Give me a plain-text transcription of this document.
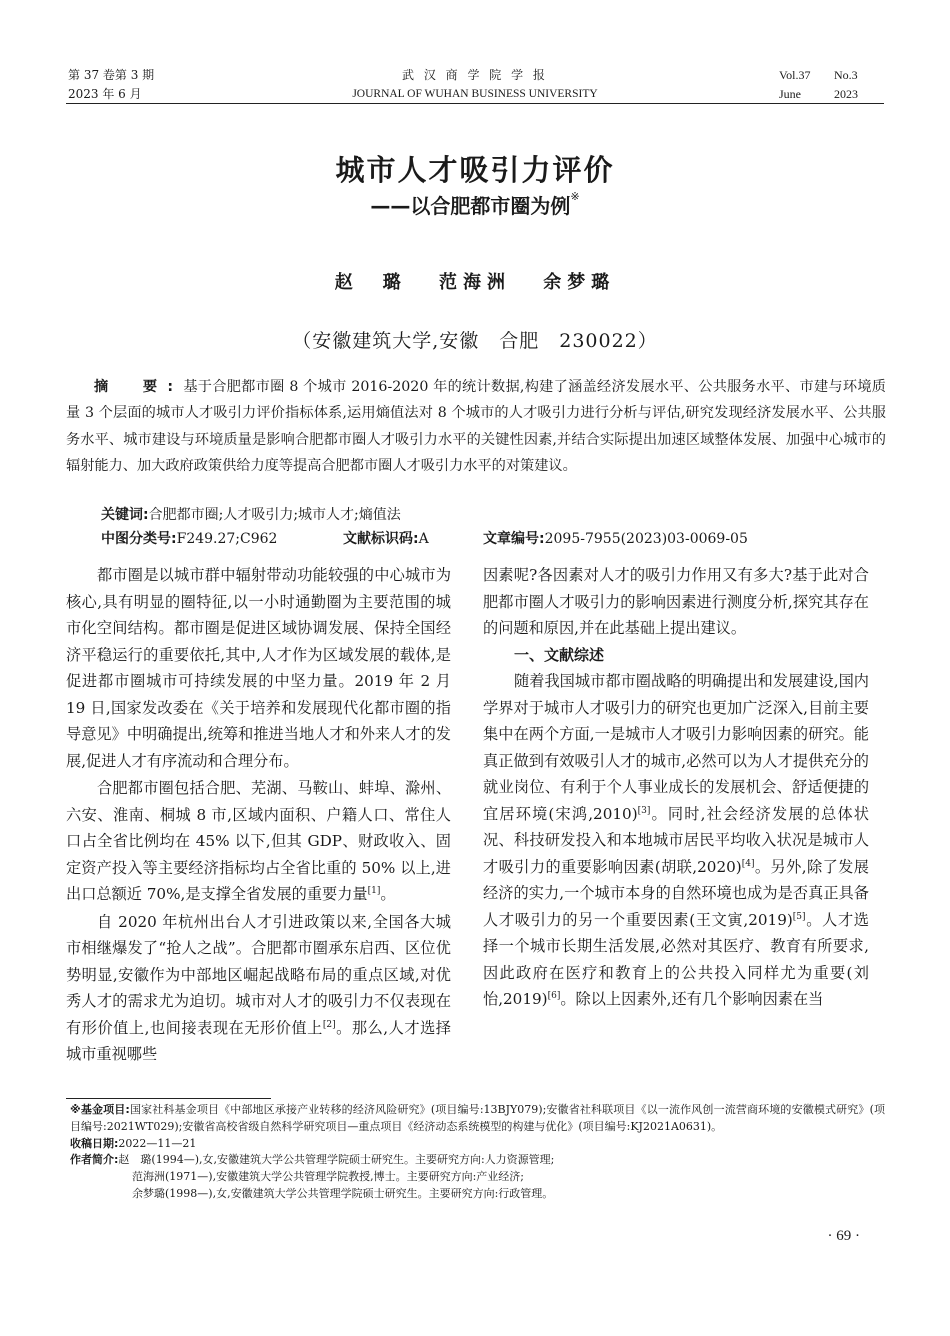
第 37 卷第 3 期
2023 年 6 月
武 汉 商 学 院 学 报
JOURNAL OF WUHAN BUSINESS UNIVERSITY
Vol.37 No.3
June	2023
城市人才吸引力评价
——以合肥都市圈为例※
赵　璐 范海洲 余梦璐
（安徽建筑大学,安徽　合肥　230022）
摘　要:基于合肥都市圈 8 个城市 2016-2020 年的统计数据,构建了涵盖经济发展水平、公共服务水平、市建与环境质量 3 个层面的城市人才吸引力评价指标体系,运用熵值法对 8 个城市的人才吸引力进行分析与评估,研究发现经济发展水平、公共服务水平、城市建设与环境质量是影响合肥都市圈人才吸引力水平的关键性因素,并结合实际提出加速区域整体发展、加强中心城市的辐射能力、加大政府政策供给力度等提高合肥都市圈人才吸引力水平的对策建议。
关键词:合肥都市圈;人才吸引力;城市人才;熵值法
中图分类号:F249.27;C962	文献标识码:A	文章编号:2095-7955(2023)03-0069-05

都市圈是以城市群中辐射带动功能较强的中心城市为核心,具有明显的圈特征,以一小时通勤圈为主要范围的城市化空间结构。都市圈是促进区域协调发展、保持全国经济平稳运行的重要依托,其中,人才作为区域发展的载体,是促进都市圈城市可持续发展的中坚力量。2019 年 2 月 19 日,国家发改委在《关于培养和发展现代化都市圈的指导意见》中明确提出,统筹和推进当地人才和外来人才的发展,促进人才有序流动和合理分布。

合肥都市圈包括合肥、芜湖、马鞍山、蚌埠、滁州、六安、淮南、桐城 8 市,区域内面积、户籍人口、常住人口占全省比例均在 45% 以下,但其 GDP、财政收入、固定资产投入等主要经济指标均占全省比重的 50% 以上,进出口总额近 70%,是支撑全省发展的重要力量[1]。

自 2020 年杭州出台人才引进政策以来,全国各大城市相继爆发了“抢人之战”。合肥都市圈承东启西、区位优势明显,安徽作为中部地区崛起战略布局的重点区域,对优秀人才的需求尤为迫切。城市对人才的吸引力不仅表现在有形价值上,也间接表现在无形价值上[2]。那么,人才选择城市重视哪些

因素呢?各因素对人才的吸引力作用又有多大?基于此对合肥都市圈人才吸引力的影响因素进行测度分析,探究其存在的问题和原因,并在此基础上提出建议。

一、文献综述

随着我国城市都市圈战略的明确提出和发展建设,国内学界对于城市人才吸引力的研究也更加广泛深入,目前主要集中在两个方面,一是城市人才吸引力影响因素的研究。能真正做到有效吸引人才的城市,必然可以为人才提供充分的就业岗位、有利于个人事业成长的发展机会、舒适便捷的宜居环境(宋鸿,2010)[3]。同时,社会经济发展的总体状况、科技研发投入和本地城市居民平均收入状况是城市人才吸引力的重要影响因素(胡联,2020)[4]。另外,除了发展经济的实力,一个城市本身的自然环境也成为是否真正具备人才吸引力的另一个重要因素(王文寅,2019)[5]。人才选择一个城市长期生活发展,必然对其医疗、教育有所要求,因此政府在医疗和教育上的公共投入同样尤为重要(刘怡,2019)[6]。除以上因素外,还有几个影响因素在当

※基金项目:国家社科基金项目《中部地区承接产业转移的经济风险研究》(项目编号:13BJY079);安徽省社科联项目《以一流作风创一流营商环境的安徽模式研究》(项目编号:2021WT029);安徽省高校省级自然科学研究项目—重点项目《经济动态系统模型的构建与优化》(项目编号:KJ2021A0631)。
收稿日期:2022—11—21
作者简介:赵　璐(1994—),女,安徽建筑大学公共管理学院硕士研究生。主要研究方向:人力资源管理;
范海洲(1971—),安徽建筑大学公共管理学院教授,博士。主要研究方向:产业经济;
余梦璐(1998—),女,安徽建筑大学公共管理学院硕士研究生。主要研究方向:行政管理。
· 69 ·
